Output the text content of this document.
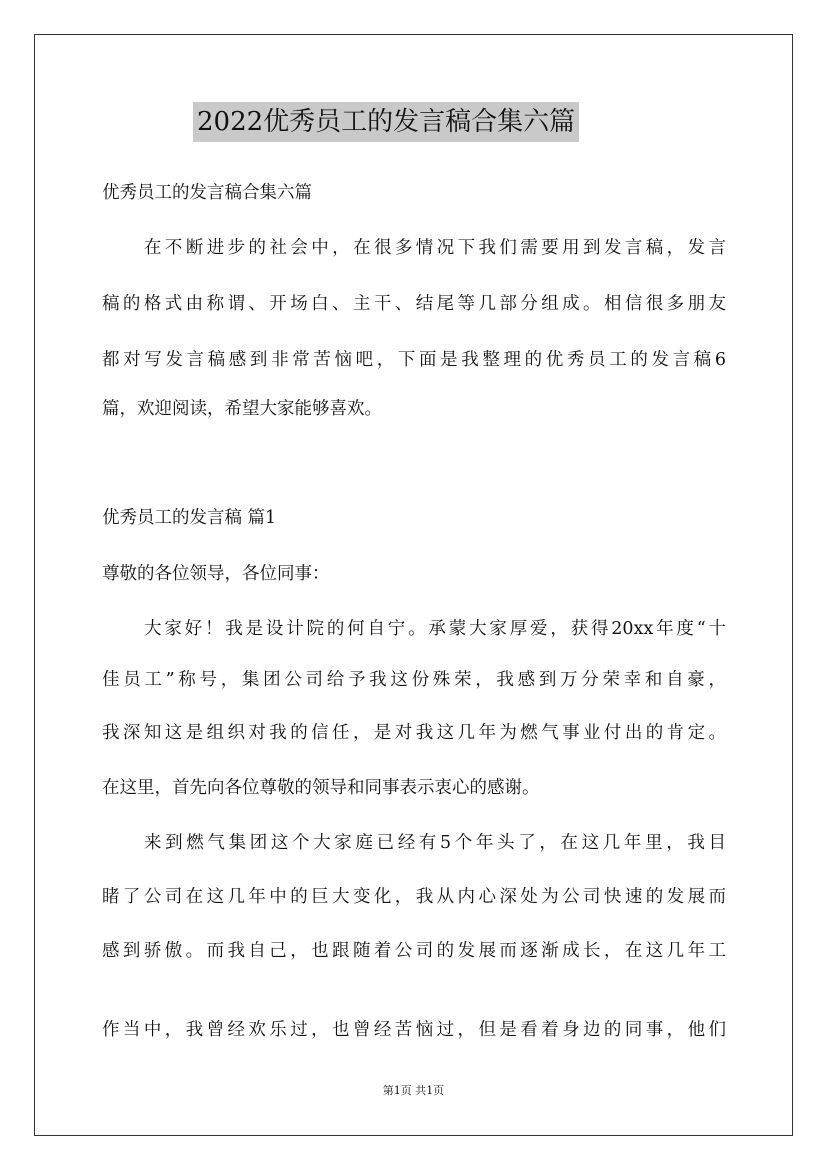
2022优秀员工的发言稿合集六篇
优秀员工的发言稿合集六篇
在不断进步的社会中，在很多情况下我们需要用到发言稿，发言
稿的格式由称谓、开场白、主干、结尾等几部分组成。相信很多朋友
都对写发言稿感到非常苦恼吧，下面是我整理的优秀员工的发言稿6
篇，欢迎阅读，希望大家能够喜欢。
优秀员工的发言稿 篇1
尊敬的各位领导，各位同事：
大家好！我是设计院的何自宁。承蒙大家厚爱，获得20xx年度“十
佳员工”称号，集团公司给予我这份殊荣，我感到万分荣幸和自豪，
我深知这是组织对我的信任，是对我这几年为燃气事业付出的肯定。
在这里，首先向各位尊敬的领导和同事表示衷心的感谢。
来到燃气集团这个大家庭已经有5个年头了，在这几年里，我目
睹了公司在这几年中的巨大变化，我从内心深处为公司快速的发展而
感到骄傲。而我自己，也跟随着公司的发展而逐渐成长，在这几年工
作当中，我曾经欢乐过，也曾经苦恼过，但是看着身边的同事，他们
第1页 共1页
